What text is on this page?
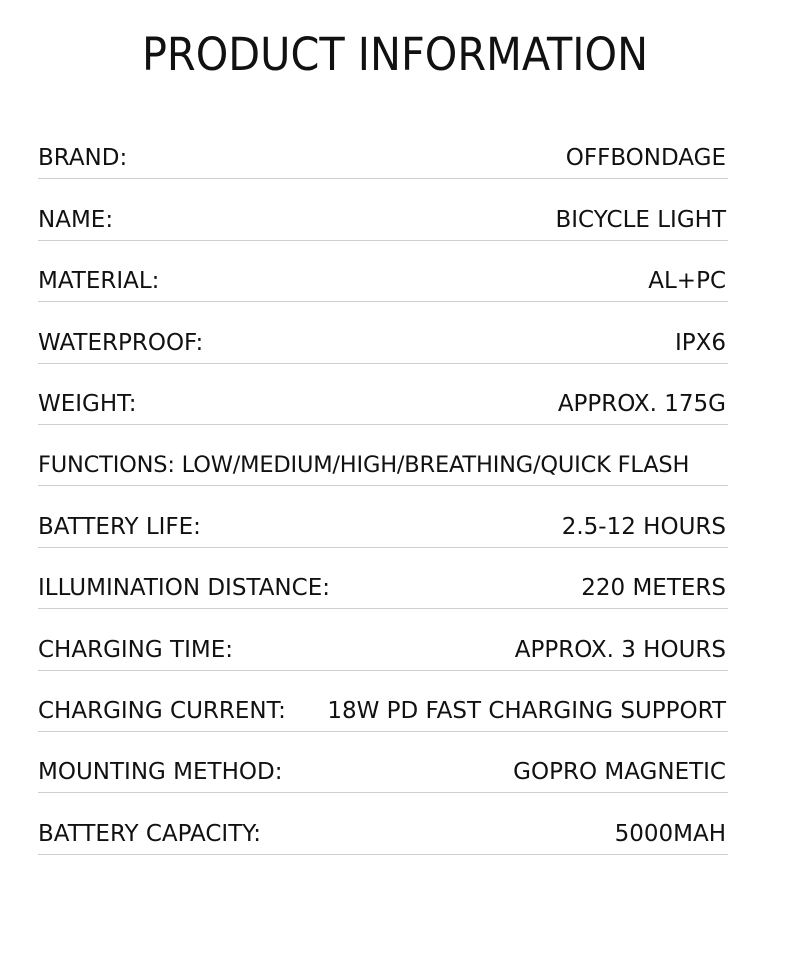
PRODUCT INFORMATION
BRAND:	OFFBONDAGE
NAME:	BICYCLE LIGHT
MATERIAL:	AL+PC
WATERPROOF:	IPX6
WEIGHT:	APPROX. 175G
FUNCTIONS: LOW/MEDIUM/HIGH/BREATHING/QUICK FLASH
BATTERY LIFE:	2.5-12 HOURS
ILLUMINATION DISTANCE:	220 METERS
CHARGING TIME:	APPROX. 3 HOURS
CHARGING CURRENT: 18W PD FAST CHARGING SUPPORT
MOUNTING METHOD:	GOPRO MAGNETIC
BATTERY CAPACITY:	5000MAH
